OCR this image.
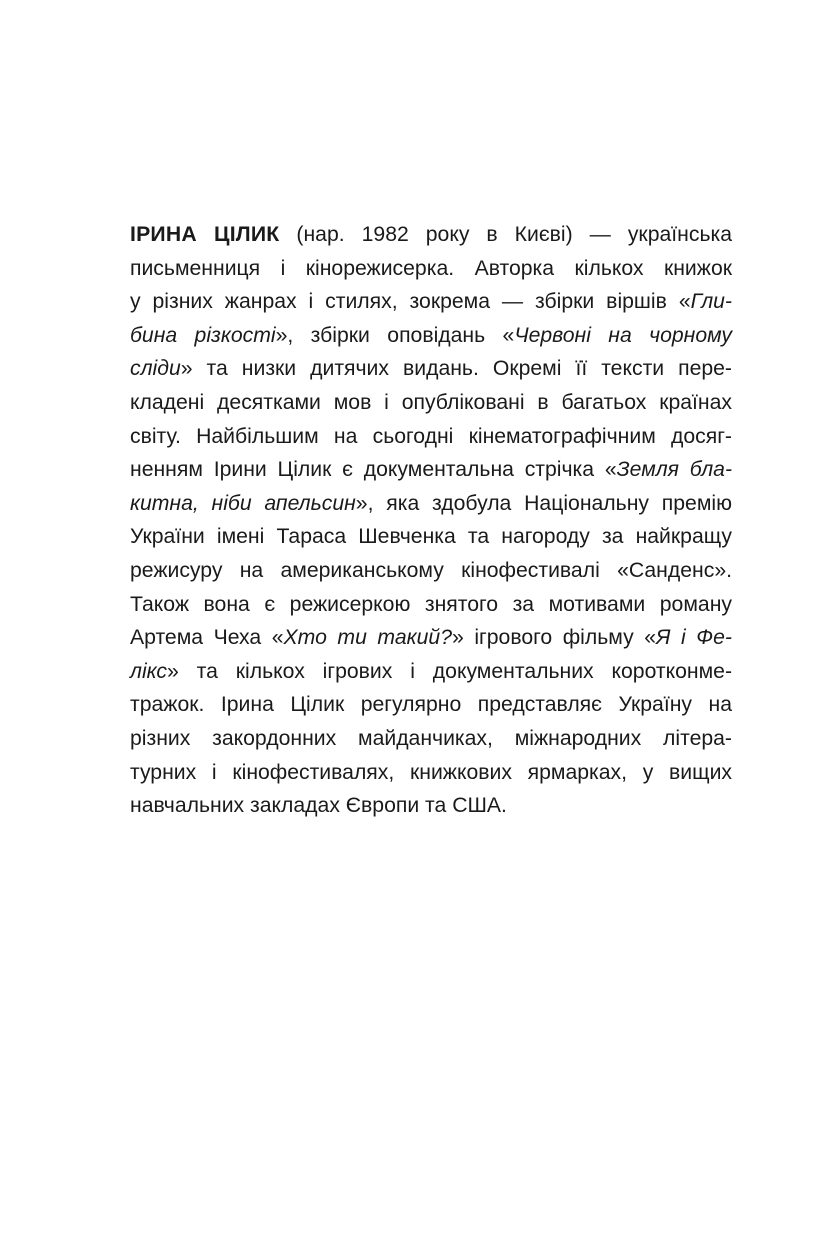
ІРИНА ЦІЛИК (нар. 1982 року в Києві) — українська
письменниця і кінорежисерка. Авторка кількох книжок
у різних жанрах і стилях, зокрема — збірки віршів «Гли-
бина різкості», збірки оповідань «Червоні на чорному
сліди» та низки дитячих видань. Окремі її тексти пере-
кладені десятками мов і опубліковані в багатьох країнах
світу. Найбільшим на сьогодні кінематографічним досяг-
ненням Ірини Цілик є документальна стрічка «Земля бла-
китна, ніби апельсин», яка здобула Національну премію
України імені Тараса Шевченка та нагороду за найкращу
режисуру на американському кінофестивалі «Санденс».
Також вона є режисеркою знятого за мотивами роману
Артема Чеха «Хто ти такий?» ігрового фільму «Я і Фе-
лікс» та кількох ігрових і документальних коротконме-
тражок. Ірина Цілик регулярно представляє Україну на
різних закордонних майданчиках, міжнародних літера-
турних і кінофестивалях, книжкових ярмарках, у вищих
навчальних закладах Європи та США.
